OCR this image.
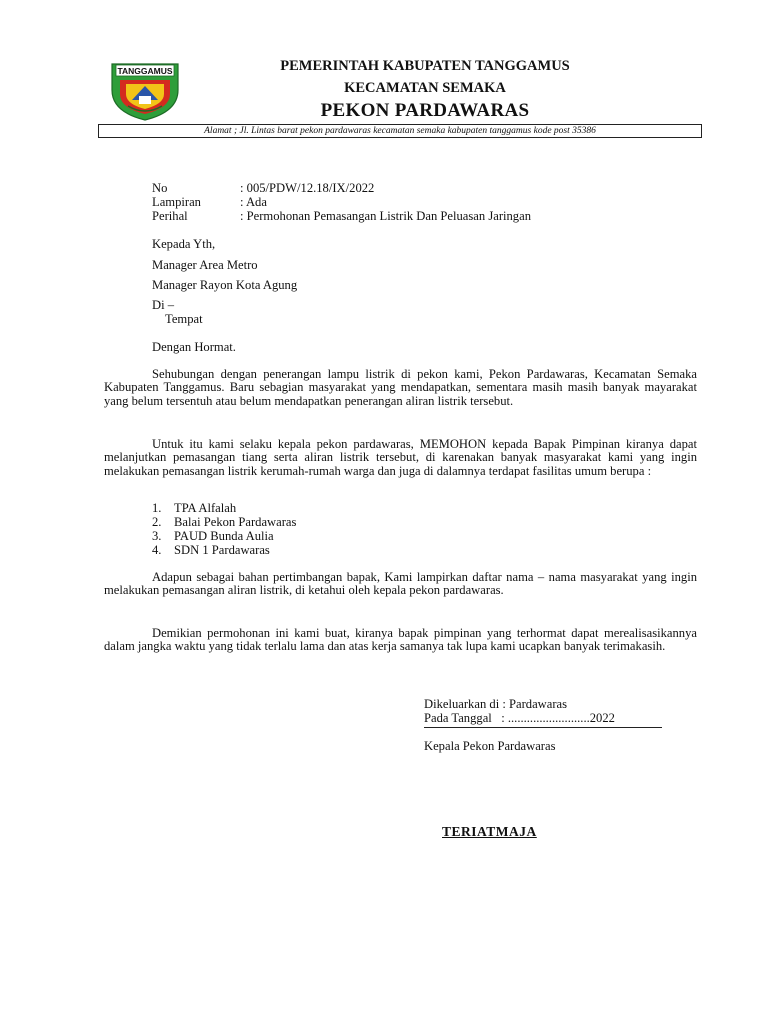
TANGGAMUS	PEMERINTAH KABUPATEN TANGGAMUS
KECAMATAN SEMAKA
PEKON PARDAWARAS
Alamat ; Jl. Lintas barat pekon pardawaras kecamatan semaka kabupaten tanggamus kode post 35386
No	: 005/PDW/12.18/IX/2022
Lampiran	: Ada
Perihal	: Permohonan Pemasangan Listrik Dan Peluasan Jaringan
Kepada Yth,
Manager Area Metro
Manager Rayon Kota Agung
Di –
Tempat
Dengan Hormat.
Sehubungan dengan penerangan lampu listrik di pekon kami, Pekon Pardawaras, Kecamatan Semaka Kabupaten Tanggamus. Baru sebagian masyarakat yang mendapatkan, sementara masih masih banyak mayarakat yang belum tersentuh atau belum mendapatkan penerangan aliran listrik tersebut.
Untuk itu kami selaku kepala pekon pardawaras, MEMOHON kepada Bapak Pimpinan kiranya dapat melanjutkan pemasangan tiang serta aliran listrik tersebut, di karenakan banyak masyarakat kami yang ingin melakukan pemasangan listrik kerumah-rumah warga dan juga di dalamnya terdapat fasilitas umum berupa :
1. TPA Alfalah
2. Balai Pekon Pardawaras
3. PAUD Bunda Aulia
4. SDN 1 Pardawaras
Adapun sebagai bahan pertimbangan bapak, Kami lampirkan daftar nama – nama masyarakat yang ingin melakukan pemasangan aliran listrik, di ketahui oleh kepala pekon pardawaras.
Demikian permohonan ini kami buat, kiranya bapak pimpinan yang terhormat dapat merealisasikannya dalam jangka waktu yang tidak terlalu lama dan atas kerja samanya tak lupa kami ucapkan banyak terimakasih.
Dikeluarkan di : Pardawaras
Pada Tanggal   : ..........................2022
Kepala Pekon Pardawaras
TERIATMAJA
